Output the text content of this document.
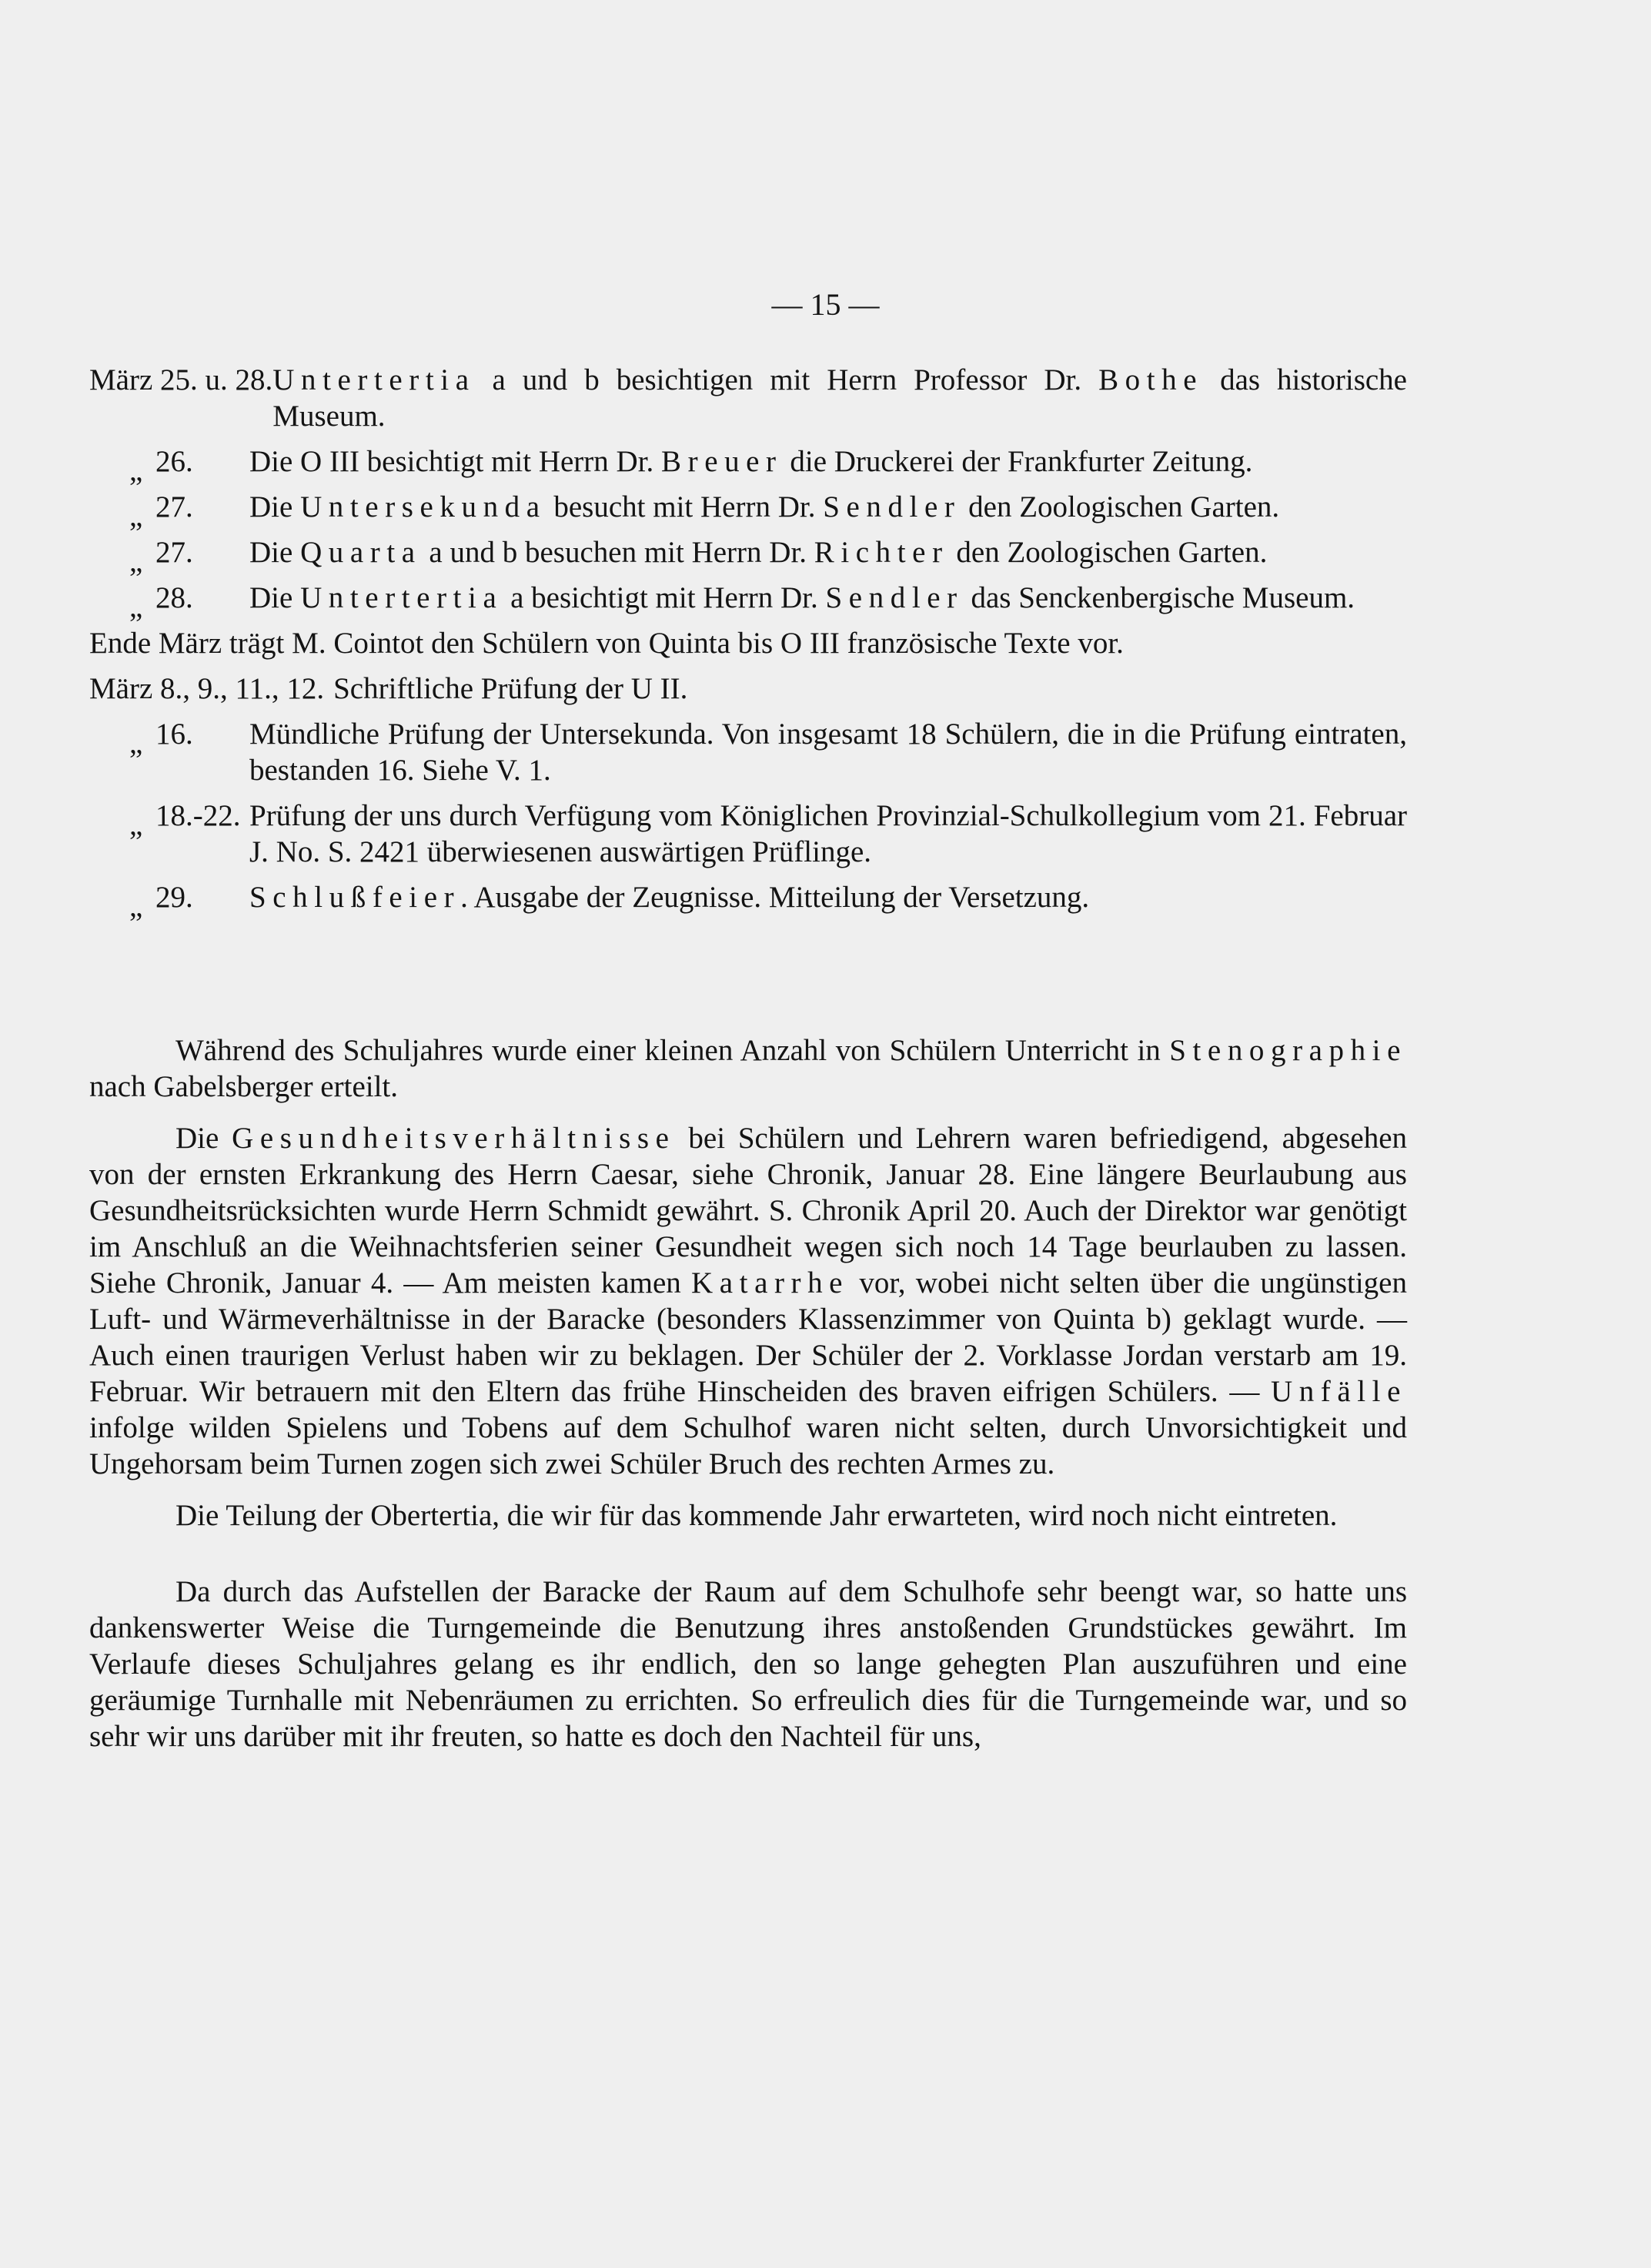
— 15 —
März 25. u. 28. Untertertia a und b besichtigen mit Herrn Professor Dr. Bothe das historische Museum.
„ 26.	Die O III besichtigt mit Herrn Dr. Breuer die Druckerei der Frankfurter Zeitung.
„ 27.	Die Untersekunda besucht mit Herrn Dr. Sendler den Zoologischen Garten.
„ 27.	Die Quarta a und b besuchen mit Herrn Dr. Richter den Zoologischen Garten.
„ 28.	Die Untertertia a besichtigt mit Herrn Dr. Sendler das Senckenbergische Museum.
Ende März trägt M. Cointot den Schülern von Quinta bis O III französische Texte vor.
März 8., 9., 11., 12. Schriftliche Prüfung der U II.
„ 16.	Mündliche Prüfung der Untersekunda. Von insgesamt 18 Schülern, die in die Prüfung eintraten, bestanden 16. Siehe V. 1.
„ 18.-22. Prüfung der uns durch Verfügung vom Königlichen Provinzial-Schulkollegium vom 21. Februar J. No. S. 2421 überwiesenen auswärtigen Prüflinge.
„ 29.	Schlußfeier. Ausgabe der Zeugnisse. Mitteilung der Versetzung.

Während des Schuljahres wurde einer kleinen Anzahl von Schülern Unterricht in Stenographie nach Gabelsberger erteilt.

Die Gesundheitsverhältnisse bei Schülern und Lehrern waren befriedigend, abgesehen von der ernsten Erkrankung des Herrn Caesar, siehe Chronik, Januar 28. Eine längere Beurlaubung aus Gesundheitsrücksichten wurde Herrn Schmidt gewährt. S. Chronik April 20. Auch der Direktor war genötigt im Anschluß an die Weihnachtsferien seiner Gesundheit wegen sich noch 14 Tage beurlauben zu lassen. Siehe Chronik, Januar 4. — Am meisten kamen Katarrhe vor, wobei nicht selten über die ungünstigen Luft- und Wärmeverhältnisse in der Baracke (besonders Klassenzimmer von Quinta b) geklagt wurde. — Auch einen traurigen Verlust haben wir zu beklagen. Der Schüler der 2. Vorklasse Jordan verstarb am 19. Februar. Wir betrauern mit den Eltern das frühe Hinscheiden des braven eifrigen Schülers. — Unfälle infolge wilden Spielens und Tobens auf dem Schulhof waren nicht selten, durch Unvorsichtigkeit und Ungehorsam beim Turnen zogen sich zwei Schüler Bruch des rechten Armes zu.

Die Teilung der Obertertia, die wir für das kommende Jahr erwarteten, wird noch nicht eintreten.

Da durch das Aufstellen der Baracke der Raum auf dem Schulhofe sehr beengt war, so hatte uns dankenswerter Weise die Turngemeinde die Benutzung ihres anstoßenden Grundstückes gewährt. Im Verlaufe dieses Schuljahres gelang es ihr endlich, den so lange gehegten Plan auszuführen und eine geräumige Turnhalle mit Nebenräumen zu errichten. So erfreulich dies für die Turngemeinde war, und so sehr wir uns darüber mit ihr freuten, so hatte es doch den Nachteil für uns,
